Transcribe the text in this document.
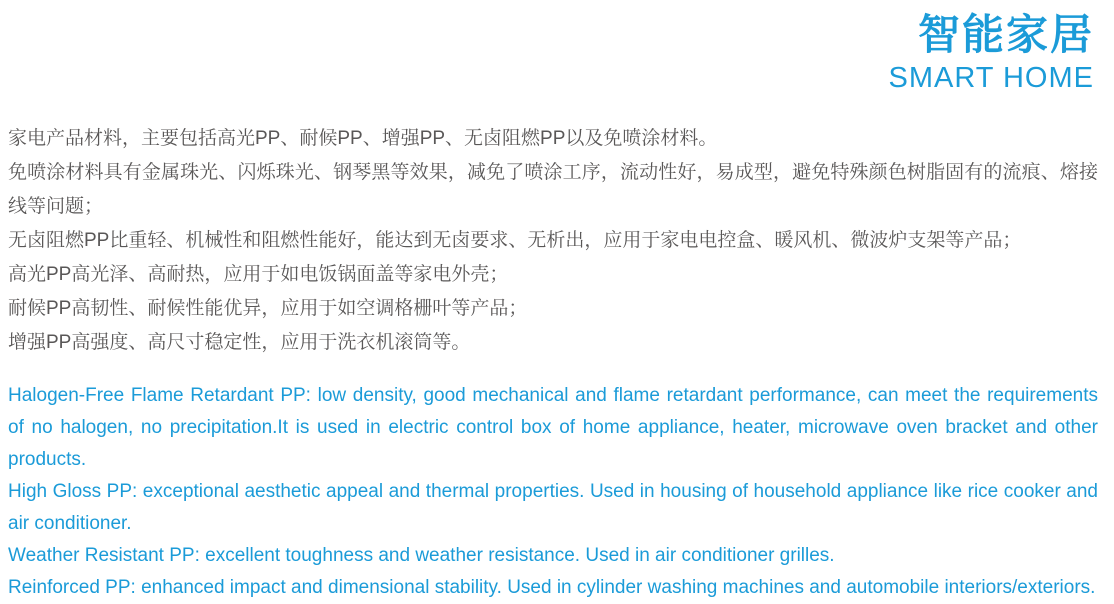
智能家居
SMART HOME

家电产品材料，主要包括高光PP、耐候PP、增强PP、无卤阻燃PP以及免喷涂材料。

免喷涂材料具有金属珠光、闪烁珠光、钢琴黑等效果，减免了喷涂工序，流动性好，易成型，避免特殊颜色树脂固有的流痕、熔接线等问题；

无卤阻燃PP比重轻、机械性和阻燃性能好，能达到无卤要求、无析出，应用于家电电控盒、暖风机、微波炉支架等产品；

高光PP高光泽、高耐热，应用于如电饭锅面盖等家电外壳；

耐候PP高韧性、耐候性能优异，应用于如空调格栅叶等产品；

增强PP高强度、高尺寸稳定性，应用于洗衣机滚筒等。

Halogen-Free Flame Retardant PP: low density, good mechanical and flame retardant performance, can meet the requirements of no halogen, no precipitation.It is used in electric control box of home appliance, heater, microwave oven bracket and other products.

High Gloss PP: exceptional aesthetic appeal and thermal properties. Used in housing of household appliance like rice cooker and air conditioner.

Weather Resistant PP: excellent toughness and weather resistance. Used in air conditioner grilles.

Reinforced PP: enhanced impact and dimensional stability. Used in cylinder washing machines and automobile interiors/exteriors.
